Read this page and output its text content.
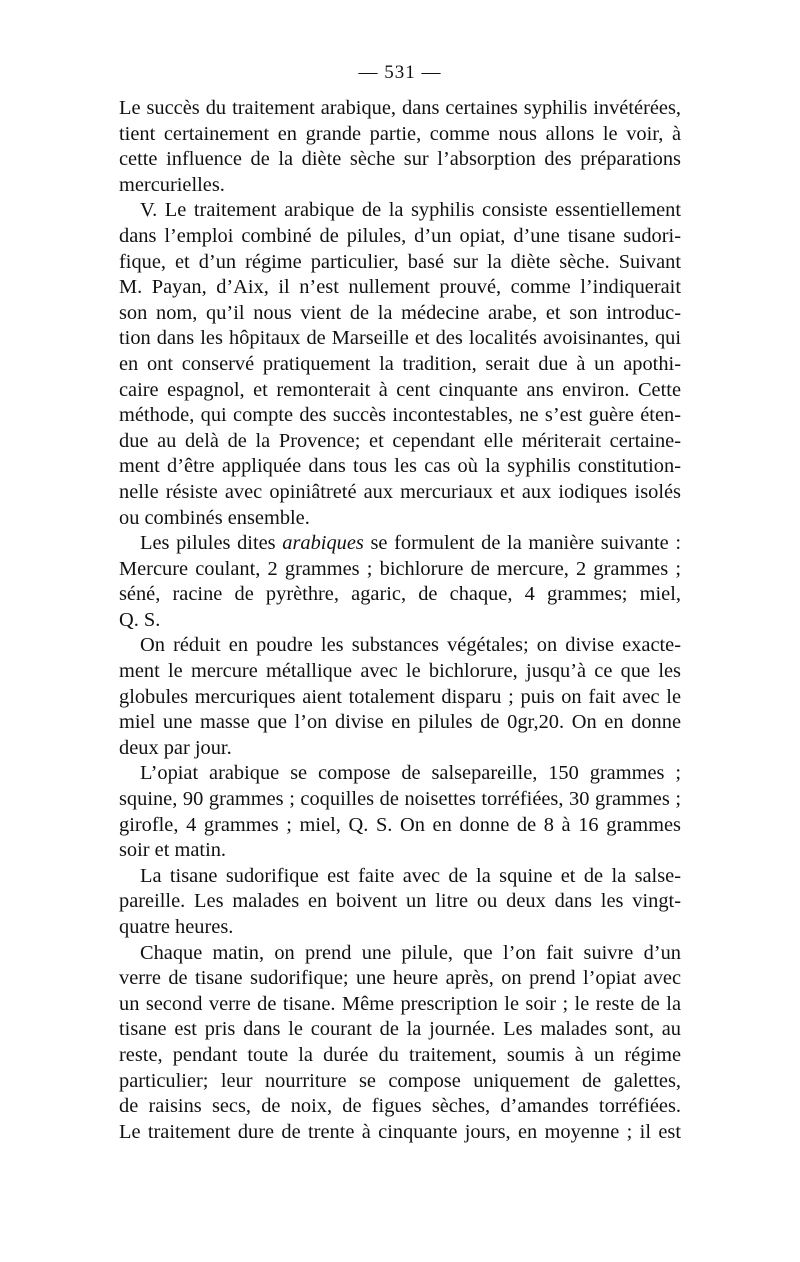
— 531 —
Le succès du traitement arabique, dans certaines syphilis invétérées,
tient certainement en grande partie, comme nous allons le voir, à
cette influence de la diète sèche sur l’absorption des préparations
mercurielles.
V. Le traitement arabique de la syphilis consiste essentiellement
dans l’emploi combiné de pilules, d’un opiat, d’une tisane sudori-
fique, et d’un régime particulier, basé sur la diète sèche. Suivant
M. Payan, d’Aix, il n’est nullement prouvé, comme l’indiquerait
son nom, qu’il nous vient de la médecine arabe, et son introduc-
tion dans les hôpitaux de Marseille et des localités avoisinantes, qui
en ont conservé pratiquement la tradition, serait due à un apothi-
caire espagnol, et remonterait à cent cinquante ans environ. Cette
méthode, qui compte des succès incontestables, ne s’est guère éten-
due au delà de la Provence; et cependant elle mériterait certaine-
ment d’être appliquée dans tous les cas où la syphilis constitution-
nelle résiste avec opiniâtreté aux mercuriaux et aux iodiques isolés
ou combinés ensemble.
Les pilules dites arabiques se formulent de la manière suivante :
Mercure coulant, 2 grammes ; bichlorure de mercure, 2 grammes ;
séné, racine de pyrèthre, agaric, de chaque, 4 grammes; miel,
Q. S.
On réduit en poudre les substances végétales; on divise exacte-
ment le mercure métallique avec le bichlorure, jusqu’à ce que les
globules mercuriques aient totalement disparu ; puis on fait avec le
miel une masse que l’on divise en pilules de 0gr,20. On en donne
deux par jour.
L’opiat arabique se compose de salsepareille, 150 grammes ;
squine, 90 grammes ; coquilles de noisettes torréfiées, 30 grammes ;
girofle, 4 grammes ; miel, Q. S. On en donne de 8 à 16 grammes
soir et matin.
La tisane sudorifique est faite avec de la squine et de la salse-
pareille. Les malades en boivent un litre ou deux dans les vingt-
quatre heures.
Chaque matin, on prend une pilule, que l’on fait suivre d’un
verre de tisane sudorifique; une heure après, on prend l’opiat avec
un second verre de tisane. Même prescription le soir ; le reste de la
tisane est pris dans le courant de la journée. Les malades sont, au
reste, pendant toute la durée du traitement, soumis à un régime
particulier; leur nourriture se compose uniquement de galettes,
de raisins secs, de noix, de figues sèches, d’amandes torréfiées.
Le traitement dure de trente à cinquante jours, en moyenne ; il est
